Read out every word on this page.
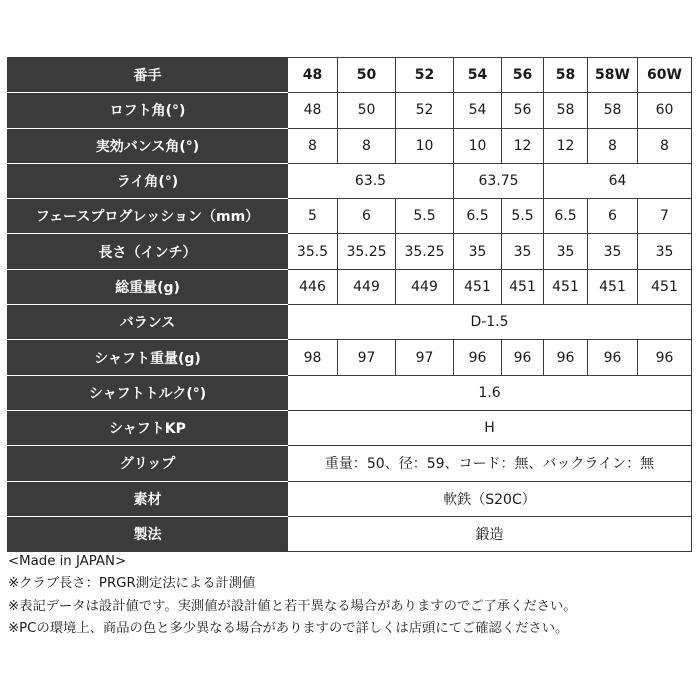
番手	48	50	52	54	56	58	58W	60W
ロフト角(°)	48	50	52	54	56	58	58	60
実効バンス角(°)	8	8	10	10	12	12	8	8
ライ角(°)	63.5			63.75		64		
フェースプログレッション（mm）	5	6	5.5	6.5	5.5	6.5	6	7
長さ（インチ）	35.5	35.25	35.25	35	35	35	35	35
総重量(g)	446	449	449	451	451	451	451	451
バランス	D-1.5							
シャフト重量(g)	98	97	97	96	96	96	96	96
シャフトトルク(°)	1.6							
シャフトKP	H							
グリップ	重量：50、径：59、コード：無、バックライン：無							
素材	軟鉄（S20C）							
製法	鍛造							
<Made in JAPAN>
※クラブ長さ：PRGR測定法による計測値
※表記データは設計値です。実測値が設計値と若干異なる場合がありますのでご了承ください。
※PCの環境上、商品の色と多少異なる場合がありますので詳しくは店頭にてご確認ください。
